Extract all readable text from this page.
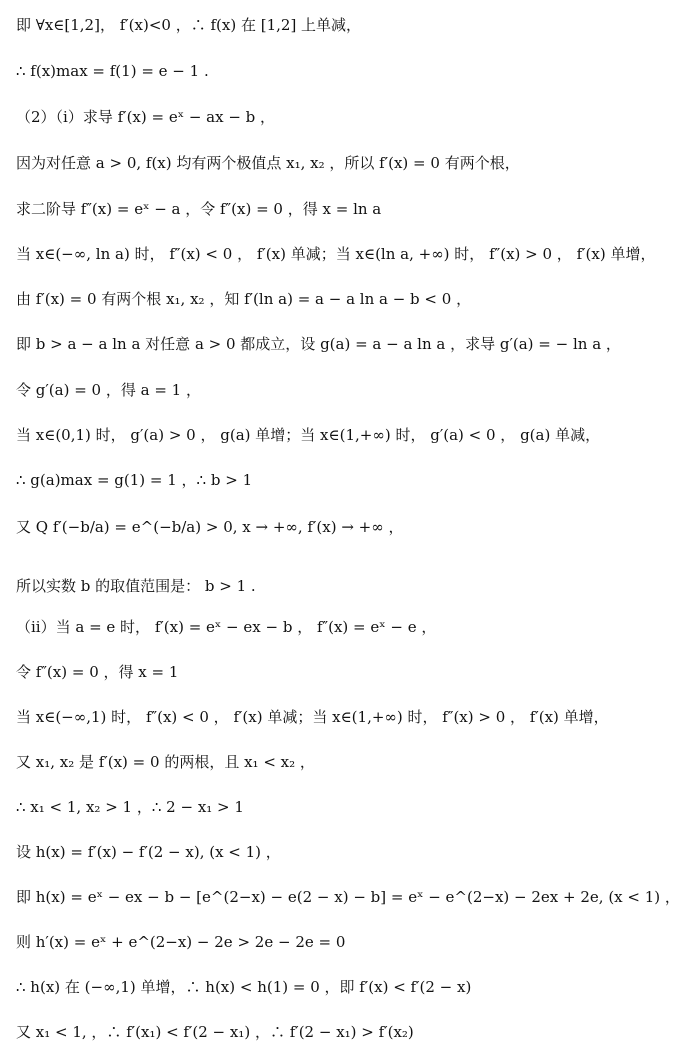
即 ∀x∈[1,2]， f′(x)<0 ，∴ f(x) 在 [1,2] 上单减，
∴ f(x)max = f(1) = e − 1 .
（2）（i）求导 f′(x) = eˣ − ax − b ，
因为对任意 a > 0, f(x) 均有两个极值点 x₁, x₂ ，所以 f′(x) = 0 有两个根，
求二阶导 f″(x) = eˣ − a ，令 f″(x) = 0 ，得 x = ln a
当 x∈(−∞, ln a) 时， f″(x) < 0 ， f′(x) 单减；当 x∈(ln a, +∞) 时， f″(x) > 0 ， f′(x) 单增，
由 f′(x) = 0 有两个根 x₁, x₂ ，知 f′(ln a) = a − a ln a − b < 0 ，
即 b > a − a ln a 对任意 a > 0 都成立，设 g(a) = a − a ln a ，求导 g′(a) = − ln a ，
令 g′(a) = 0 ，得 a = 1 ，
当 x∈(0,1) 时， g′(a) > 0 ， g(a) 单增；当 x∈(1,+∞) 时， g′(a) < 0 ， g(a) 单减，
∴ g(a)max = g(1) = 1 ，∴ b > 1
又 Q f′(−b/a) = e^(−b/a) > 0, x → +∞, f′(x) → +∞ ，
所以实数 b 的取值范围是： b > 1 .
（ii）当 a = e 时， f′(x) = eˣ − ex − b ， f″(x) = eˣ − e ，
令 f″(x) = 0 ，得 x = 1
当 x∈(−∞,1) 时， f″(x) < 0 ， f′(x) 单减；当 x∈(1,+∞) 时， f″(x) > 0 ， f′(x) 单增，
又 x₁, x₂ 是 f′(x) = 0 的两根，且 x₁ < x₂ ，
∴ x₁ < 1, x₂ > 1 ，∴ 2 − x₁ > 1
设 h(x) = f′(x) − f′(2 − x), (x < 1) ，
即 h(x) = eˣ − ex − b − [e^(2−x) − e(2 − x) − b] = eˣ − e^(2−x) − 2ex + 2e, (x < 1) ，
则 h′(x) = eˣ + e^(2−x) − 2e > 2e − 2e = 0
∴ h(x) 在 (−∞,1) 单增，∴ h(x) < h(1) = 0 ，即 f′(x) < f′(2 − x)
又 x₁ < 1, ，∴ f′(x₁) < f′(2 − x₁) ，∴ f′(2 − x₁) > f′(x₂)
